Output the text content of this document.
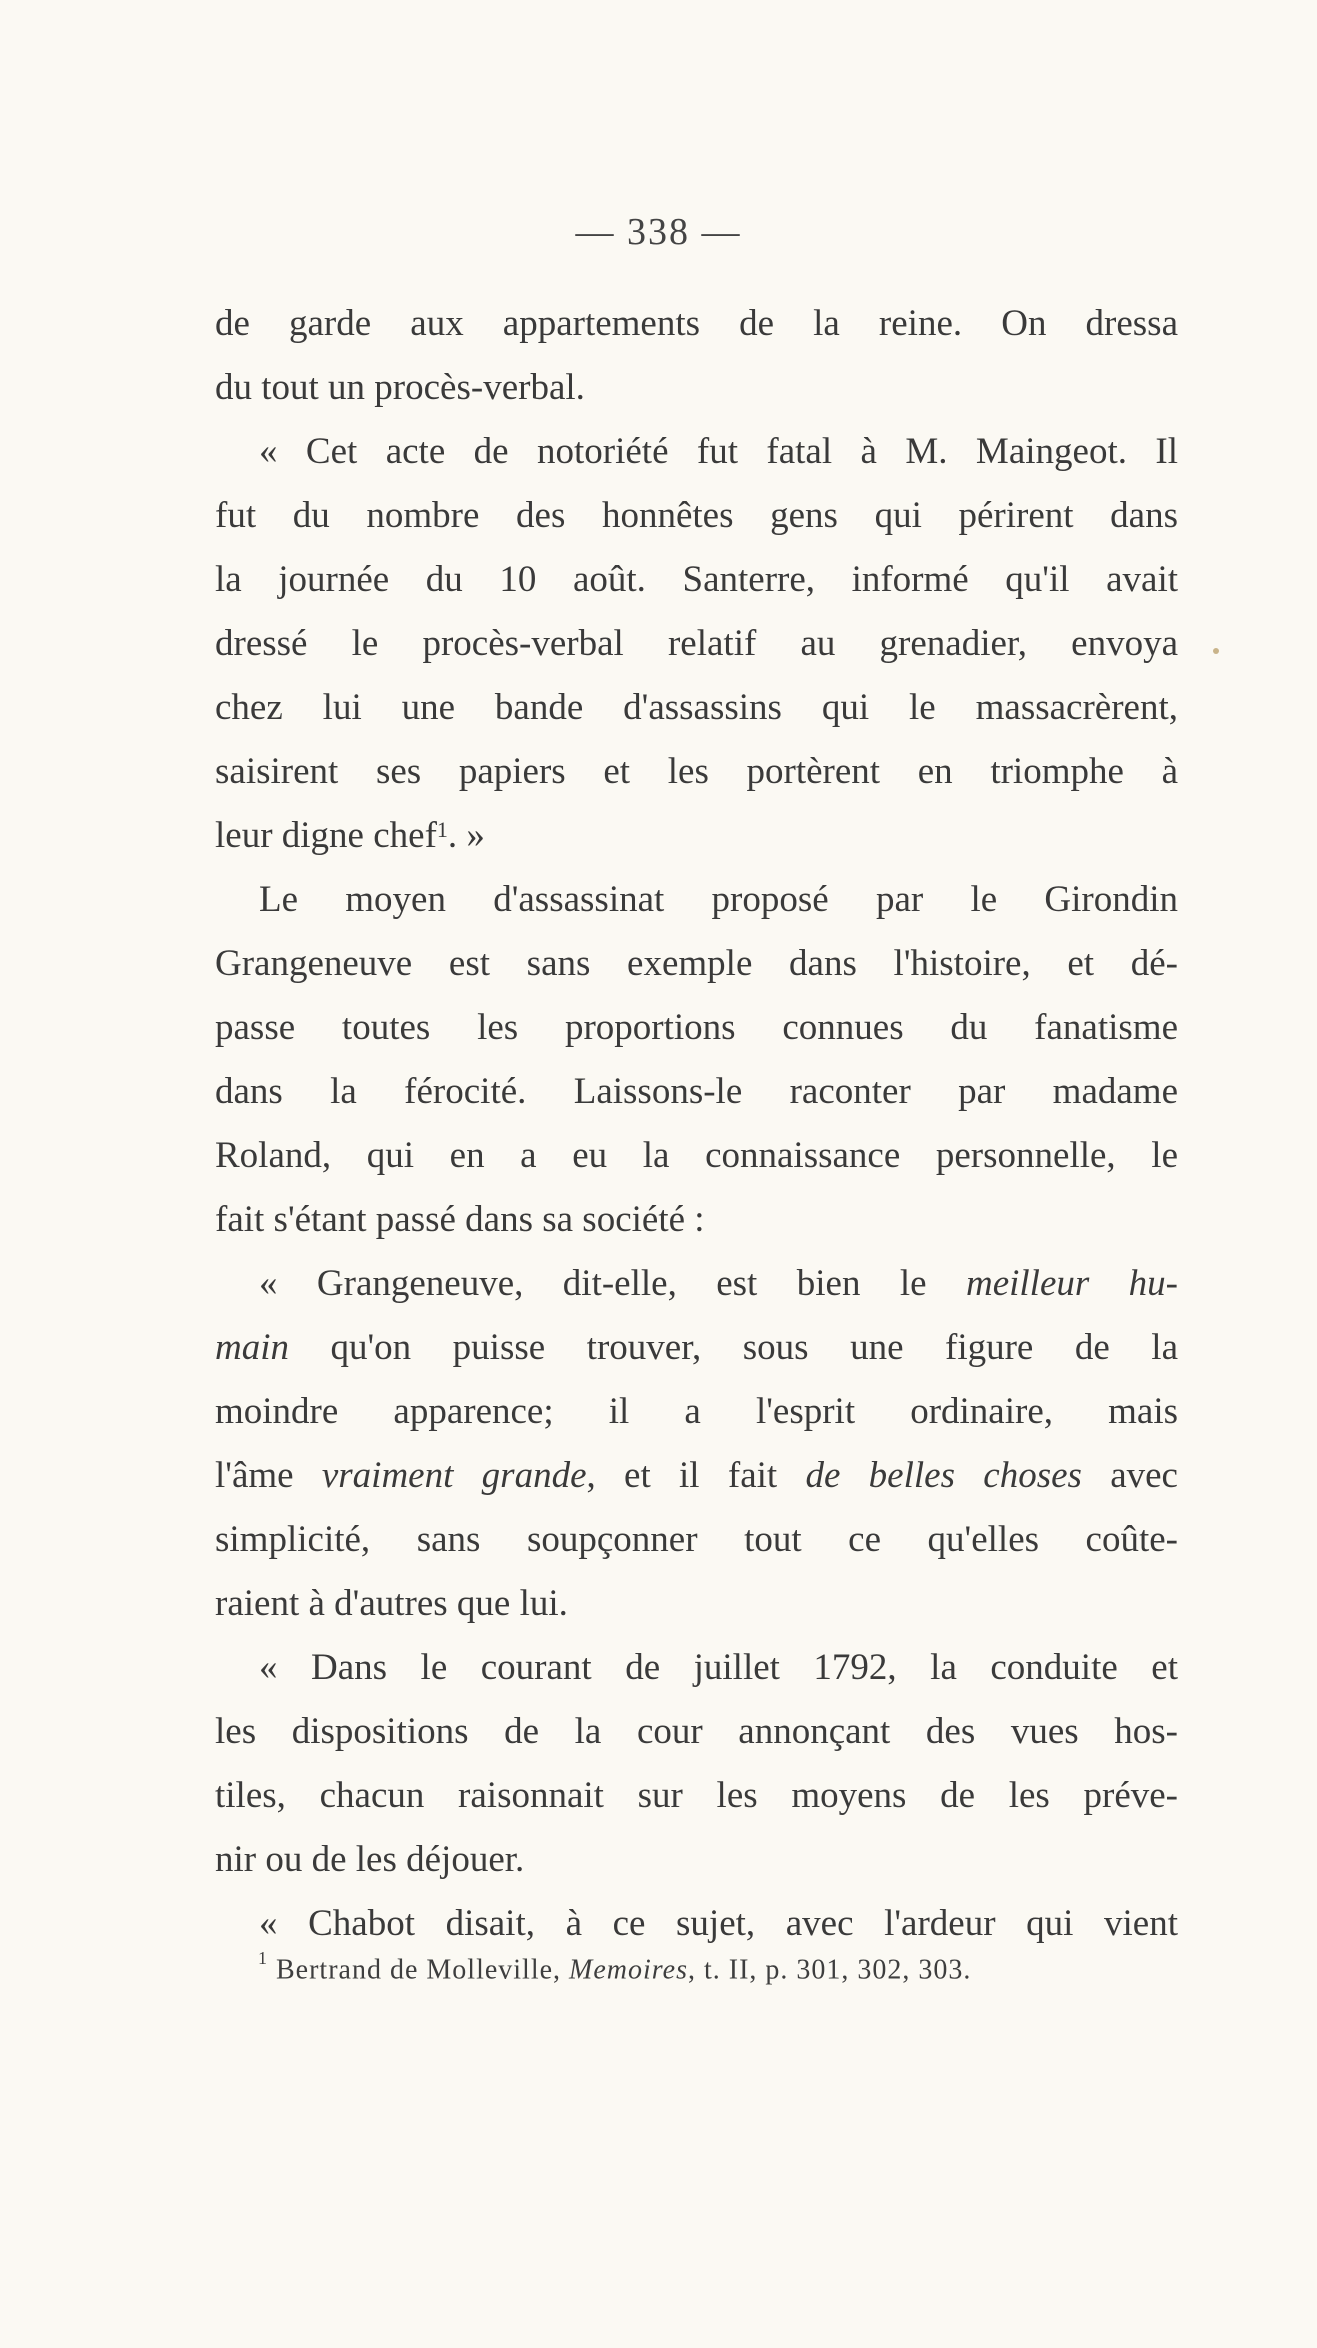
— 338 —
de garde aux appartements de la reine. On dressa
du tout un procès-verbal.
« Cet acte de notoriété fut fatal à M. Maingeot. Il
fut du nombre des honnêtes gens qui périrent dans
la journée du 10 août. Santerre, informé qu'il avait
dressé le procès-verbal relatif au grenadier, envoya
chez lui une bande d'assassins qui le massacrèrent,
saisirent ses papiers et les portèrent en triomphe à
leur digne chef$^1$. »
Le moyen d'assassinat proposé par le Girondin
Grangeneuve est sans exemple dans l'histoire, et dé-
passe toutes les proportions connues du fanatisme
dans la férocité. Laissons-le raconter par madame
Roland, qui en a eu la connaissance personnelle, le
fait s'étant passé dans sa société :
« Grangeneuve, dit-elle, est bien le meilleur hu-
main qu'on puisse trouver, sous une figure de la
moindre apparence; il a l'esprit ordinaire, mais
l'âme vraiment grande, et il fait de belles choses avec
simplicité, sans soupçonner tout ce qu'elles coûte-
raient à d'autres que lui.
« Dans le courant de juillet 1792, la conduite et
les dispositions de la cour annonçant des vues hos-
tiles, chacun raisonnait sur les moyens de les préve-
nir ou de les déjouer.
« Chabot disait, à ce sujet, avec l'ardeur qui vient
$^1$ Bertrand de Molleville, Memoires, t. II, p. 301, 302, 303.
